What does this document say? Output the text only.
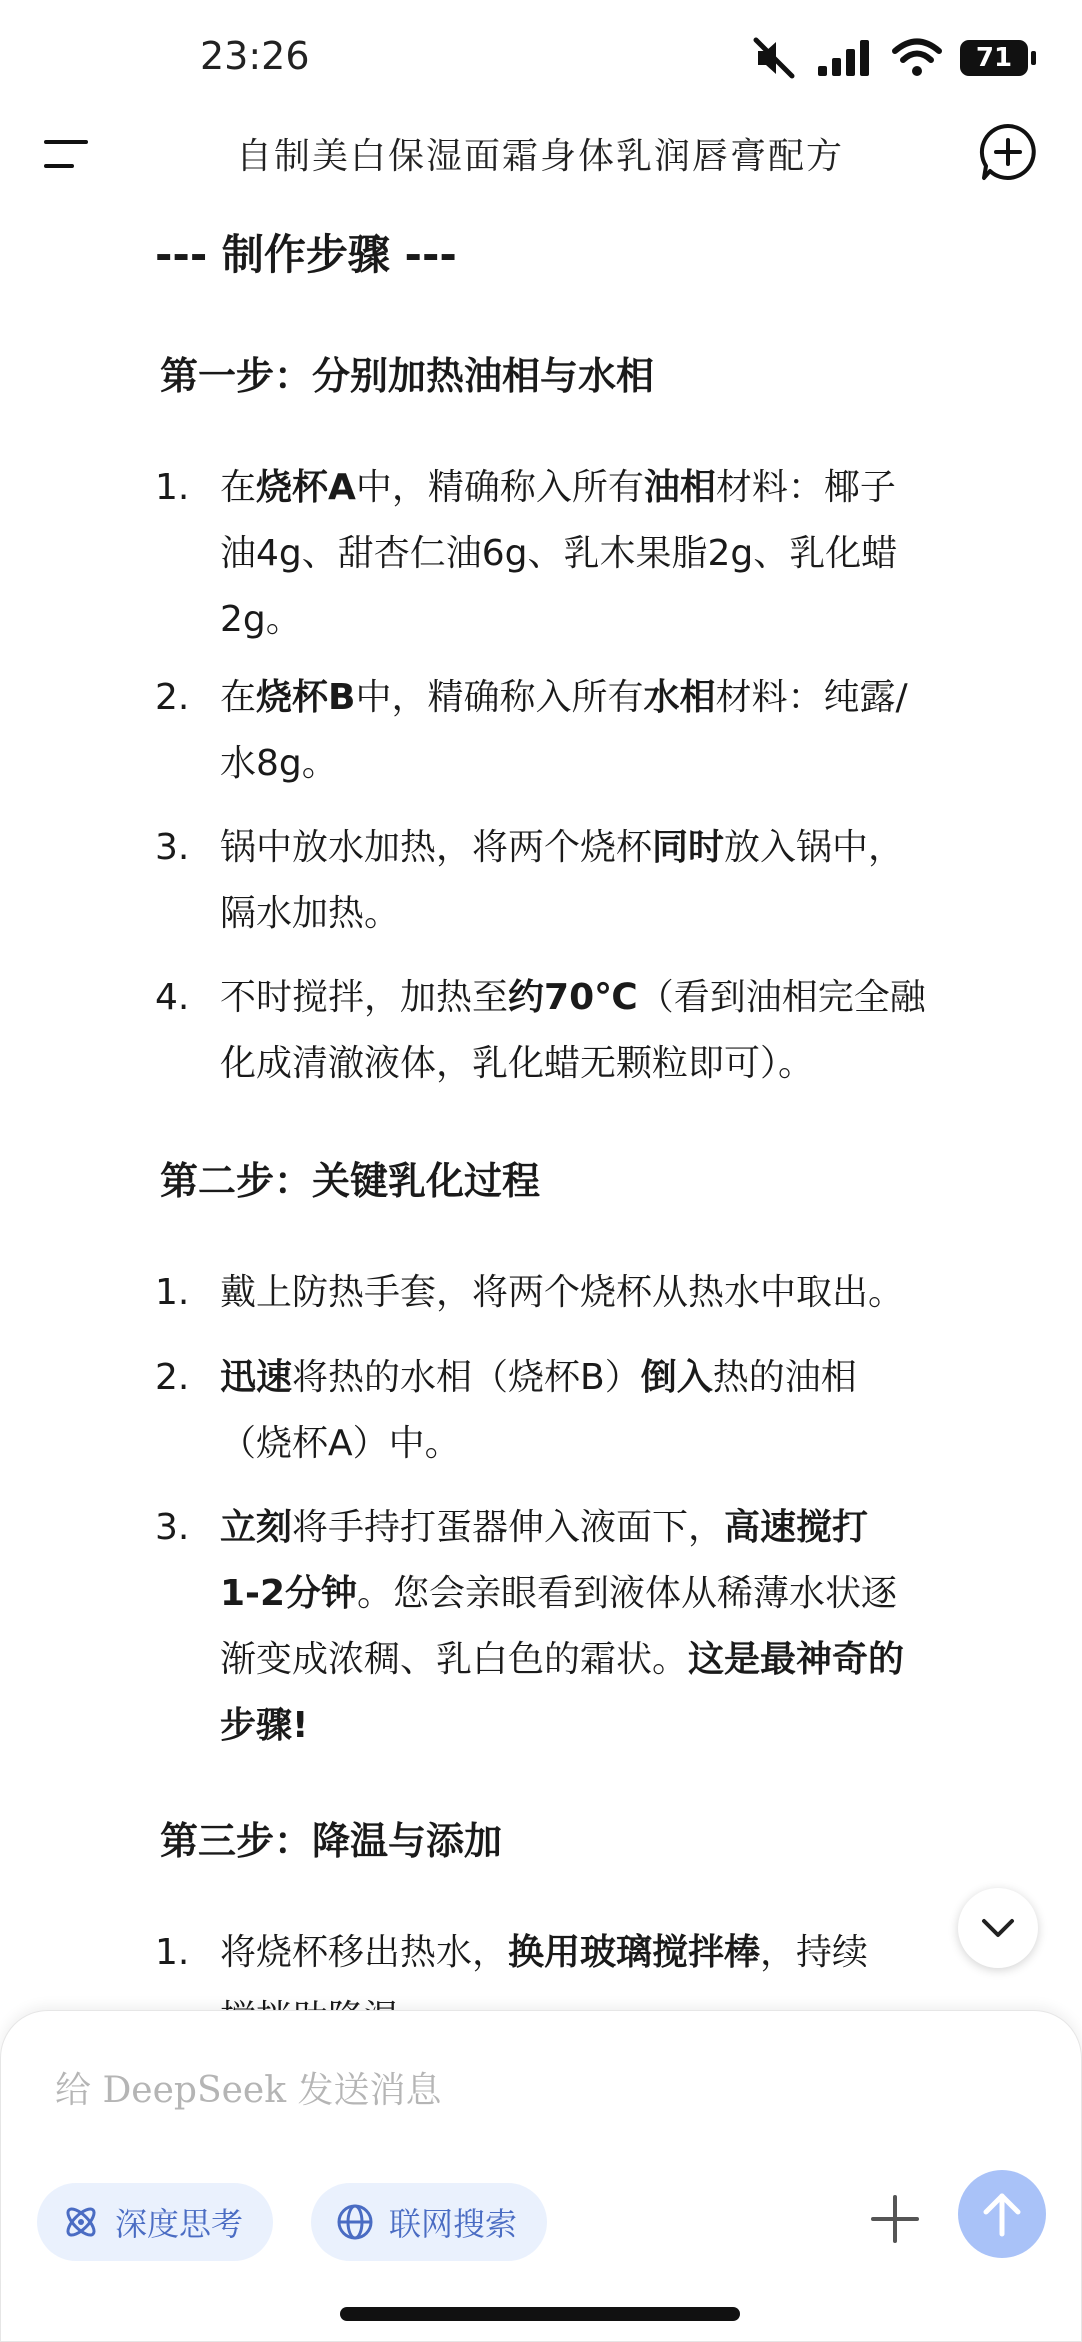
23:26	71
自制美白保湿面霜身体乳润唇膏配方
--- 制作步骤 ---
第一步：分别加热油相与水相
1. 在烧杯A中，精确称入所有油相材料：椰子
油4g、甜杏仁油6g、乳木果脂2g、乳化蜡
2g。
2. 在烧杯B中，精确称入所有水相材料：纯露/
水8g。
3. 锅中放水加热，将两个烧杯同时放入锅中，
隔水加热。
4. 不时搅拌，加热至约70℃（看到油相完全融
化成清澈液体，乳化蜡无颗粒即可）。
第二步：关键乳化过程
1. 戴上防热手套，将两个烧杯从热水中取出。
2. 迅速将热的水相（烧杯B）倒入热的油相
（烧杯A）中。
3. 立刻将手持打蛋器伸入液面下，高速搅打
1-2分钟。您会亲眼看到液体从稀薄水状逐
渐变成浓稠、乳白色的霜状。这是最神奇的
步骤!
第三步：降温与添加
1. 将烧杯移出热水，换用玻璃搅拌棒，持续
给 DeepSeek 发送消息
深度思考	联网搜索
